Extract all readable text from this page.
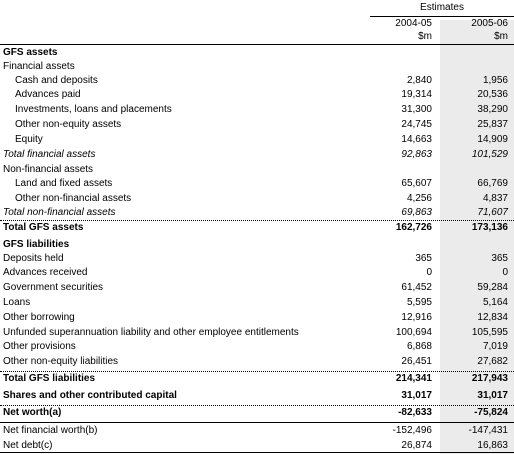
Estimates
2004-05	2005-06
$m	$m
GFS assets
Financial assets
Cash and deposits	2,840	1,956
Advances paid	19,314	20,536
Investments, loans and placements	31,300	38,290
Other non-equity assets	24,745	25,837
Equity	14,663	14,909
Total financial assets	92,863	101,529
Non-financial assets
Land and fixed assets	65,607	66,769
Other non-financial assets	4,256	4,837
Total non-financial assets	69,863	71,607
Total GFS assets	162,726	173,136
GFS liabilities
Deposits held	365	365
Advances received	0	0
Government securities	61,452	59,284
Loans	5,595	5,164
Other borrowing	12,916	12,834
Unfunded superannuation liability and other employee entitlements	100,694	105,595
Other provisions	6,868	7,019
Other non-equity liabilities	26,451	27,682
Total GFS liabilities	214,341	217,943
Shares and other contributed capital	31,017	31,017
Net worth(a)	-82,633	-75,824
Net financial worth(b)	-152,496	-147,431
Net debt(c)	26,874	16,863
